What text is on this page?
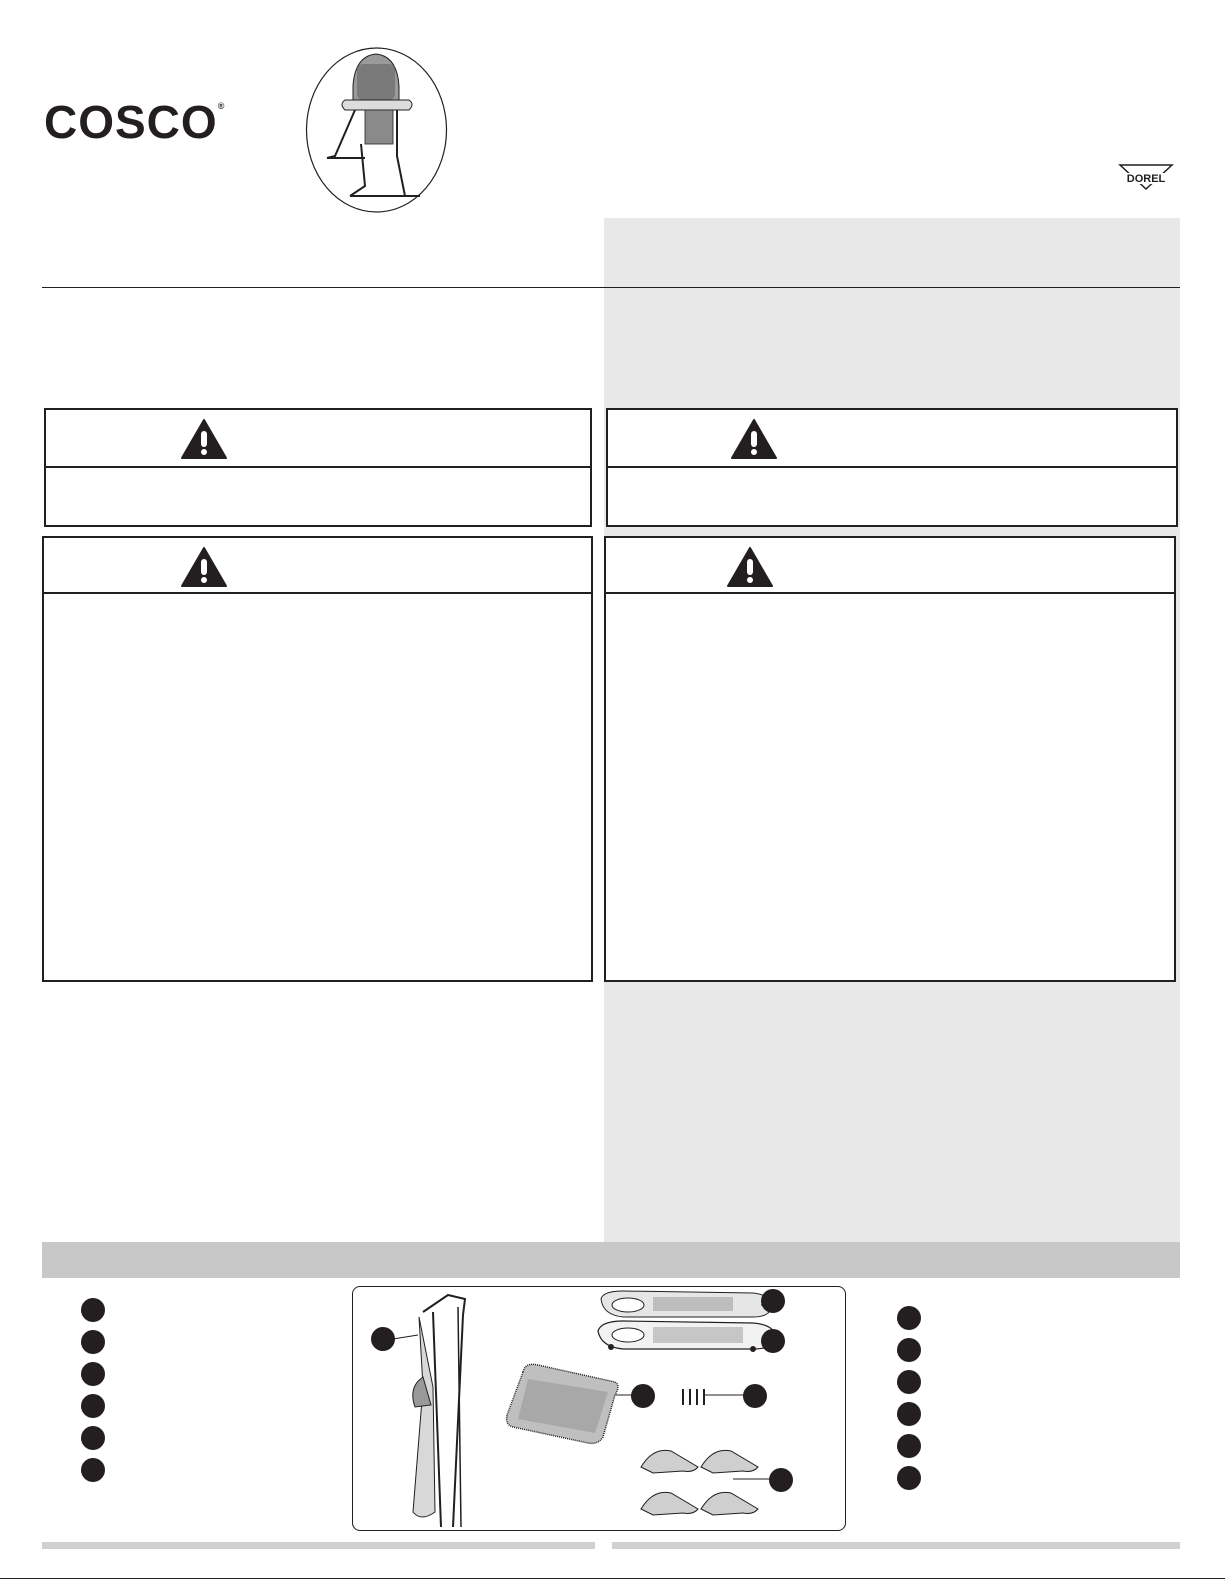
COSCO®
DOREL
